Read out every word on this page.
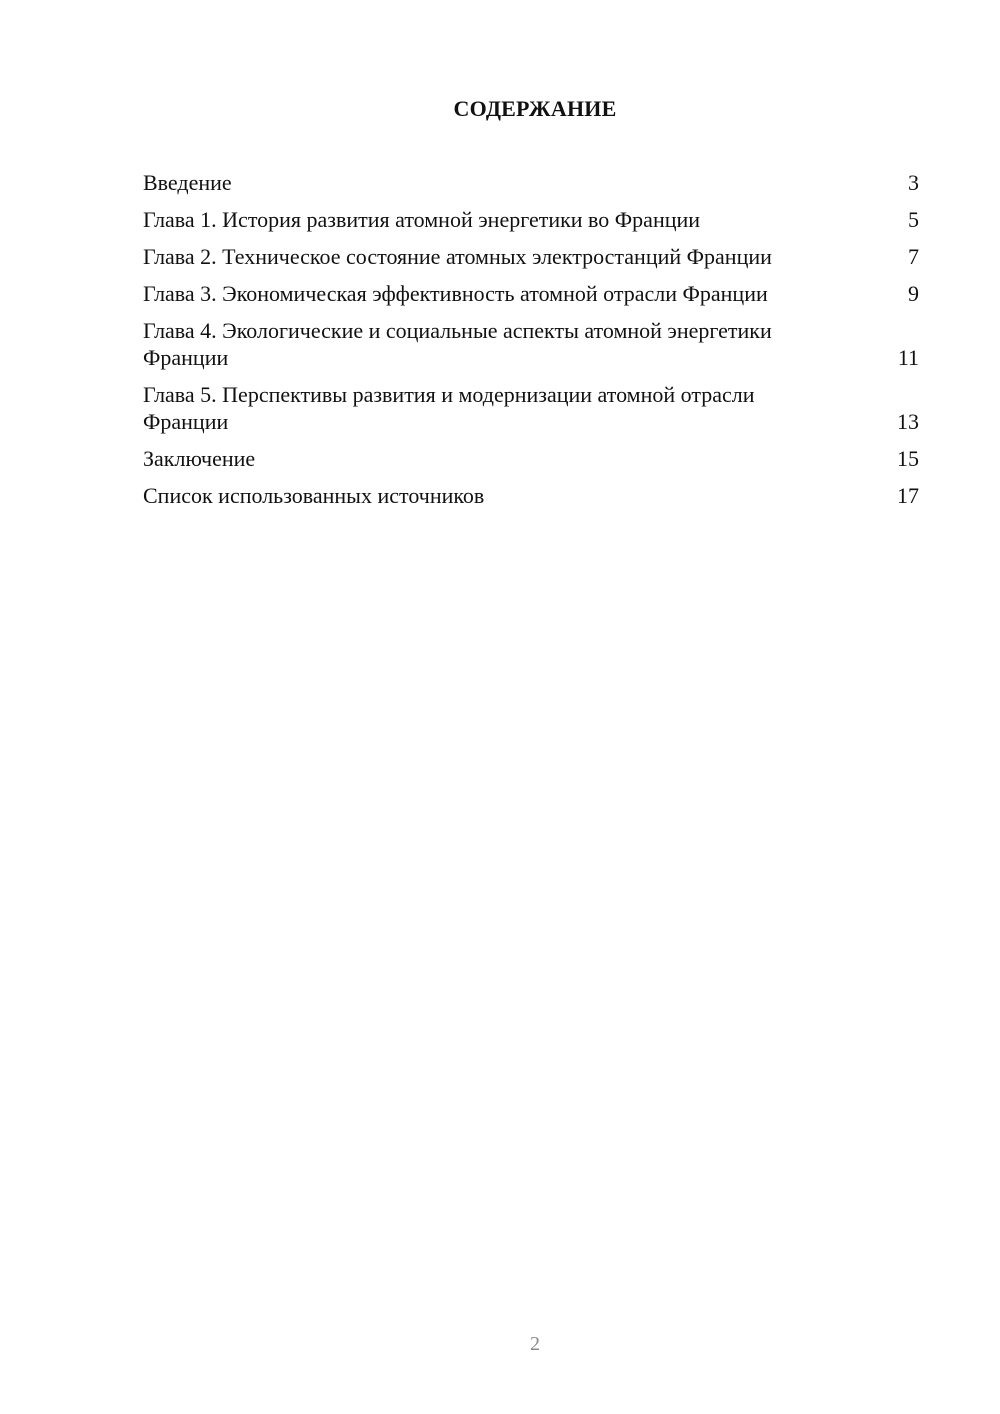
СОДЕРЖАНИЕ
Введение	3
Глава 1. История развития атомной энергетики во Франции	5
Глава 2. Техническое состояние атомных электростанций Франции	7
Глава 3. Экономическая эффективность атомной отрасли Франции	9
Глава 4. Экологические и социальные аспекты атомной энергетики Франции	11
Глава 5. Перспективы развития и модернизации атомной отрасли Франции	13
Заключение	15
Список использованных источников	17
2
